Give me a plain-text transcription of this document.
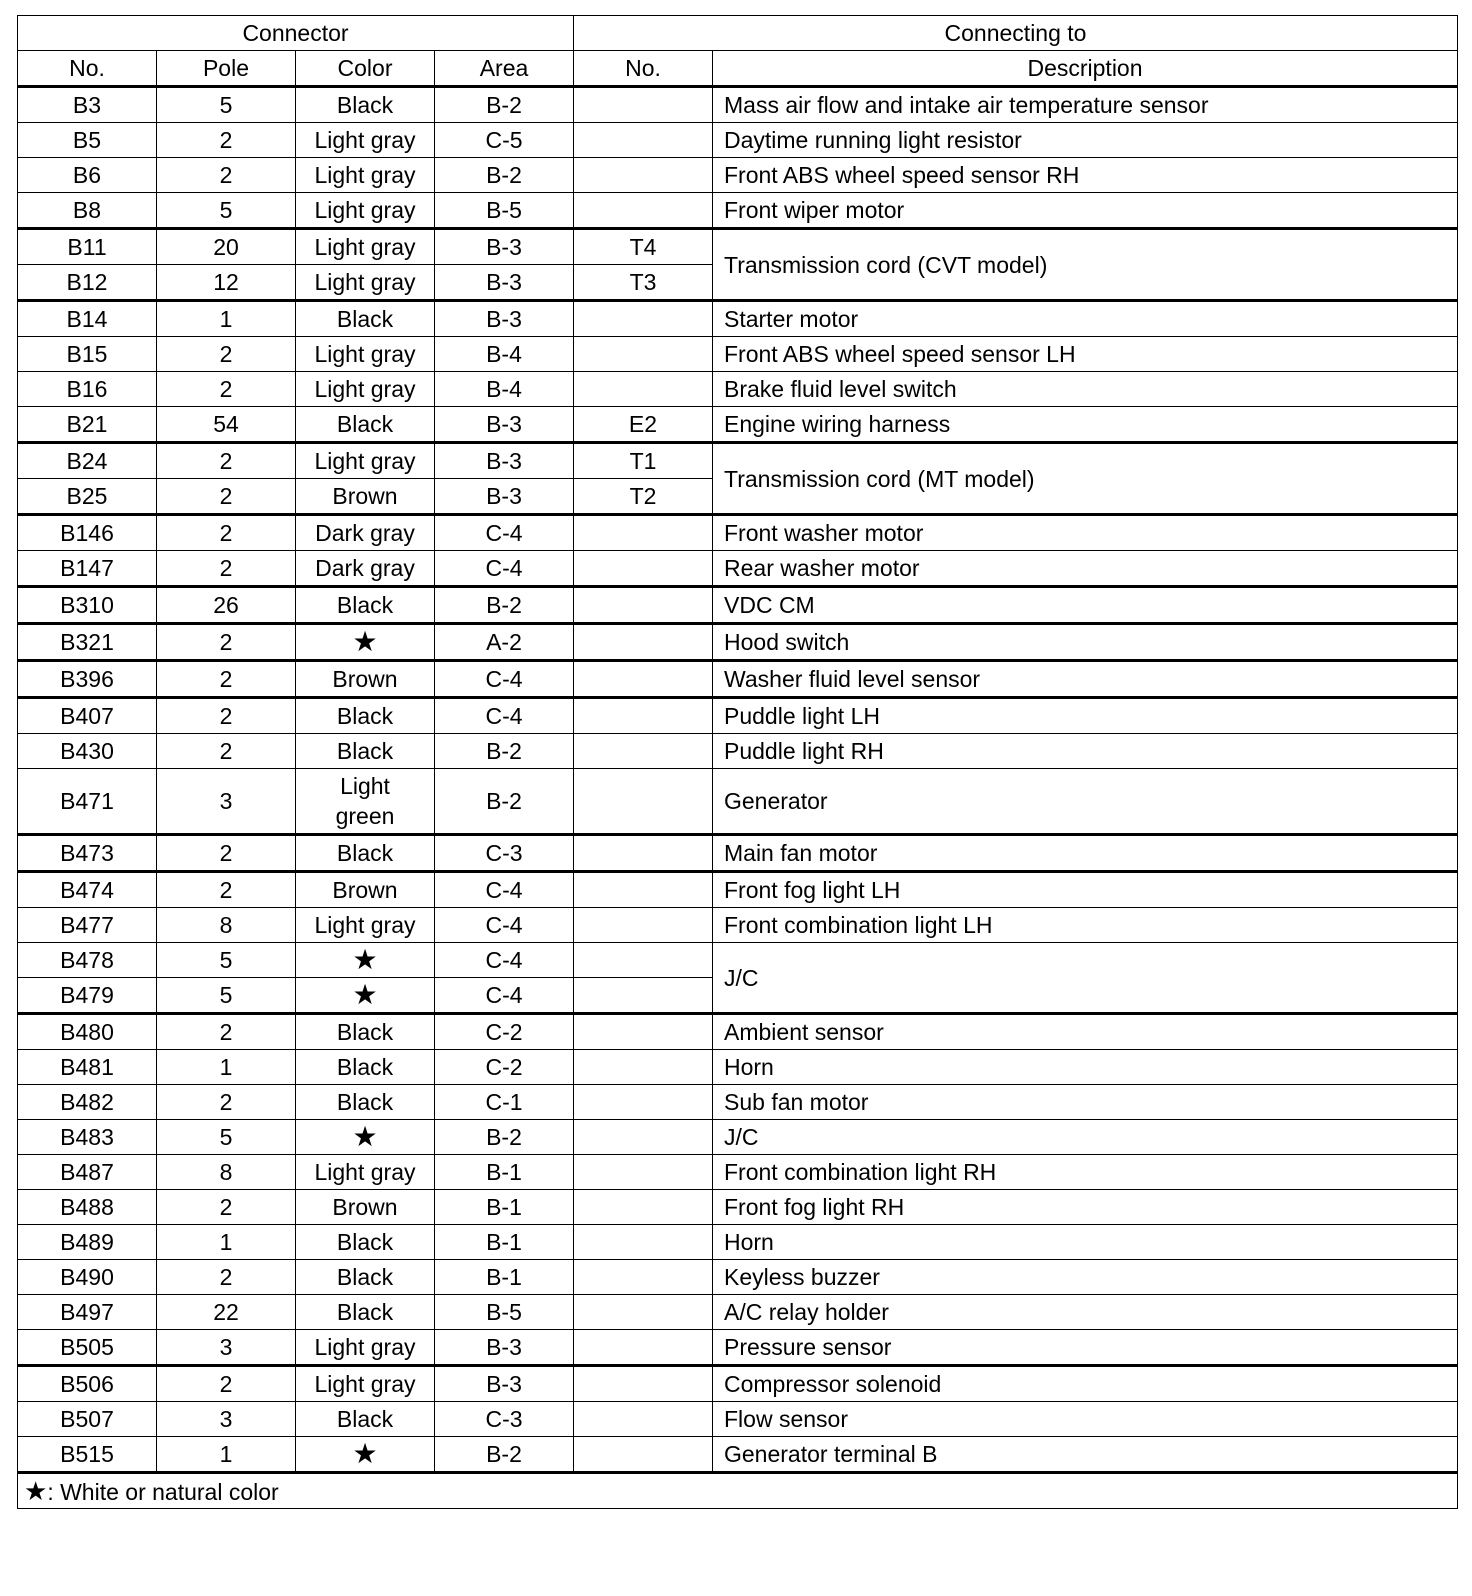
Connector				Connecting to	
No.	Pole	Color	Area	No.	Description
B3	5	Black	B-2		Mass air flow and intake air temperature sensor
B5	2	Light gray	C-5		Daytime running light resistor
B6	2	Light gray	B-2		Front ABS wheel speed sensor RH
B8	5	Light gray	B-5		Front wiper motor
B11	20	Light gray	B-3	T4	Transmission cord (CVT model)
B12	12	Light gray	B-3	T3	
B14	1	Black	B-3		Starter motor
B15	2	Light gray	B-4		Front ABS wheel speed sensor LH
B16	2	Light gray	B-4		Brake fluid level switch
B21	54	Black	B-3	E2	Engine wiring harness
B24	2	Light gray	B-3	T1	Transmission cord (MT model)
B25	2	Brown	B-3	T2	
B146	2	Dark gray	C-4		Front washer motor
B147	2	Dark gray	C-4		Rear washer motor
B310	26	Black	B-2		VDC CM
B321	2	★	A-2		Hood switch
B396	2	Brown	C-4		Washer fluid level sensor
B407	2	Black	C-4		Puddle light LH
B430	2	Black	B-2		Puddle light RH
B471	3	Light green	B-2		Generator
B473	2	Black	C-3		Main fan motor
B474	2	Brown	C-4		Front fog light LH
B477	8	Light gray	C-4		Front combination light LH
B478	5	★	C-4		J/C
B479	5	★	C-4		
B480	2	Black	C-2		Ambient sensor
B481	1	Black	C-2		Horn
B482	2	Black	C-1		Sub fan motor
B483	5	★	B-2		J/C
B487	8	Light gray	B-1		Front combination light RH
B488	2	Brown	B-1		Front fog light RH
B489	1	Black	B-1		Horn
B490	2	Black	B-1		Keyless buzzer
B497	22	Black	B-5		A/C relay holder
B505	3	Light gray	B-3		Pressure sensor
B506	2	Light gray	B-3		Compressor solenoid
B507	3	Black	C-3		Flow sensor
B515	1	★	B-2		Generator terminal B
★: White or natural color					
